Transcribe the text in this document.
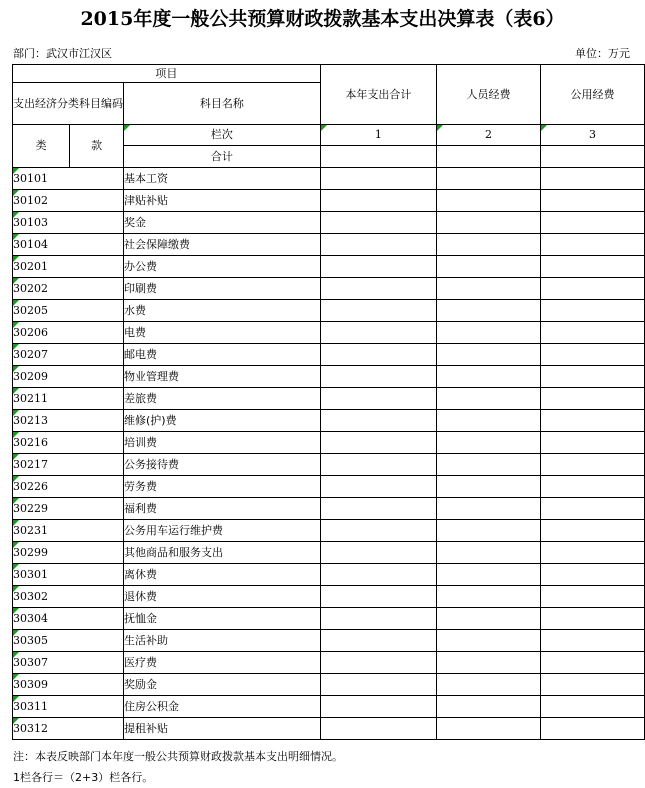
2015年度一般公共预算财政拨款基本支出决算表（表6）
部门：武汉市江汉区	单位：万元
项目			本年支出合计	人员经费	公用经费
支出经济分类科目编码		科目名称			
类	款	栏次	1	2	3
		合计			

30101		基本工资			

30102		津贴补贴			

30103		奖金			

30104		社会保障缴费			

30201		办公费			

30202		印刷费			

30205		水费			

30206		电费			

30207		邮电费			

30209		物业管理费			

30211		差旅费			

30213		维修(护)费			

30216		培训费			

30217		公务接待费			

30226		劳务费			

30229		福利费			

30231		公务用车运行维护费			

30299		其他商品和服务支出			

30301		离休费			

30302		退休费			

30304		抚恤金			

30305		生活补助			

30307		医疗费			

30309		奖励金			

30311		住房公积金			

30312		提租补贴			
注：本表反映部门本年度一般公共预算财政拨款基本支出明细情况。
1栏各行＝（2+3）栏各行。
